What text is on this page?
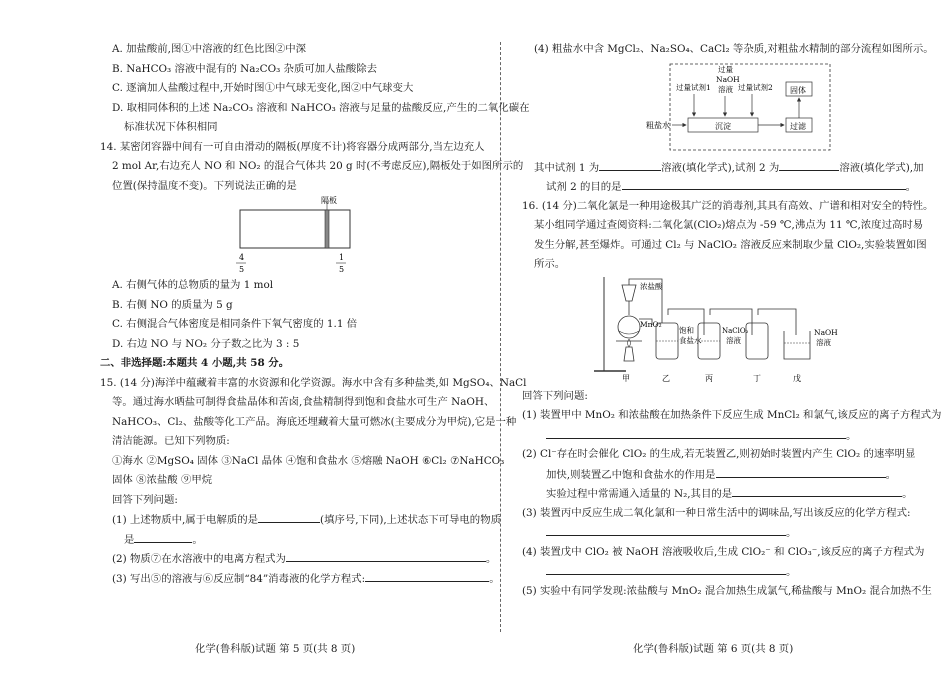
A. 加盐酸前,图①中溶液的红色比图②中深
B. NaHCO₃ 溶液中混有的 Na₂CO₃ 杂质可加人盐酸除去
C. 逐滴加人盐酸过程中,开始时图①中气球无变化,图②中气球变大
D. 取相同体积的上述 Na₂CO₃ 溶液和 NaHCO₃ 溶液与足量的盐酸反应,产生的二氧化碳在
标准状况下体积相同
14. 某密闭容器中间有一可自由滑动的隔板(厚度不计)将容器分成两部分,当左边充人
2 mol Ar,右边充人 NO 和 NO₂ 的混合气体共 20 g 时(不考虑反应),隔板处于如图所示的
位置(保持温度不变)。下列说法正确的是
隔板
4
5
1
5
A. 右侧气体的总物质的量为 1 mol
B. 右侧 NO 的质量为 5 g
C. 右侧混合气体密度是相同条件下氧气密度的 1.1 倍
D. 右边 NO 与 NO₂ 分子数之比为 3 : 5
二、非选择题:本题共 4 小题,共 58 分。
15. (14 分)海洋中蕴藏着丰富的水资源和化学资源。海水中含有多种盐类,如 MgSO₄、NaCl
等。通过海水晒盐可制得食盐晶体和苦卤,食盐精制得到饱和食盐水可生产 NaOH、
NaHCO₃、Cl₂、盐酸等化工产品。海底还埋藏着大量可燃冰(主要成分为甲烷),它是一种
清洁能源。已知下列物质:
①海水 ②MgSO₄ 固体 ③NaCl 晶体 ④饱和食盐水 ⑤熔融 NaOH ⑥Cl₂ ⑦NaHCO₃
固体 ⑧浓盐酸 ⑨甲烷
回答下列问题:
(1) 上述物质中,属于电解质的是	(填序号,下同),上述状态下可导电的物质
是	。
(2) 物质⑦在水溶液中的电离方程式为	。
(3) 写出⑤的溶液与⑥反应制“84”消毒液的化学方程式:	。
(4) 粗盐水中含 MgCl₂、Na₂SO₄、CaCl₂ 等杂质,对粗盐水精制的部分流程如图所示。
粗盐水	沉淀
过量试剂1
过量
NaOH
溶液 过量试剂2
过滤
固体
其中试剂 1 为	溶液(填化学式),试剂 2 为	溶液(填化学式),加
试剂 2 的目的是	。
16. (14 分)二氧化氯是一种用途极其广泛的消毒剂,其具有高效、广谱和相对安全的特性。
某小组同学通过查阅资料:二氧化氯(ClO₂)熔点为 -59 ℃,沸点为 11 ℃,浓度过高时易
发生分解,甚至爆炸。可通过 Cl₂ 与 NaClO₂ 溶液反应来制取少量 ClO₂,实验装置如图
所示。
浓盐酸
MnO₂
饱和
食盐水
NaClO₂
溶液
NaOH
溶液
甲	乙	丙	丁	戊
回答下列问题:
(1) 装置甲中 MnO₂ 和浓盐酸在加热条件下反应生成 MnCl₂ 和氯气,该反应的离子方程式为
。
(2) Cl⁻存在时会催化 ClO₂ 的生成,若无装置乙,则初始时装置内产生 ClO₂ 的速率明显
加快,则装置乙中饱和食盐水的作用是	。
实验过程中常需通入适量的 N₂,其目的是	。
(3) 装置丙中反应生成二氧化氯和一种日常生活中的调味品,写出该反应的化学方程式:
。
(4) 装置戊中 ClO₂ 被 NaOH 溶液吸收后,生成 ClO₂⁻ 和 ClO₃⁻,该反应的离子方程式为
。
(5) 实验中有同学发现:浓盐酸与 MnO₂ 混合加热生成氯气,稀盐酸与 MnO₂ 混合加热不生
化学(鲁科版)试题 第 5 页(共 8 页)	化学(鲁科版)试题 第 6 页(共 8 页)
